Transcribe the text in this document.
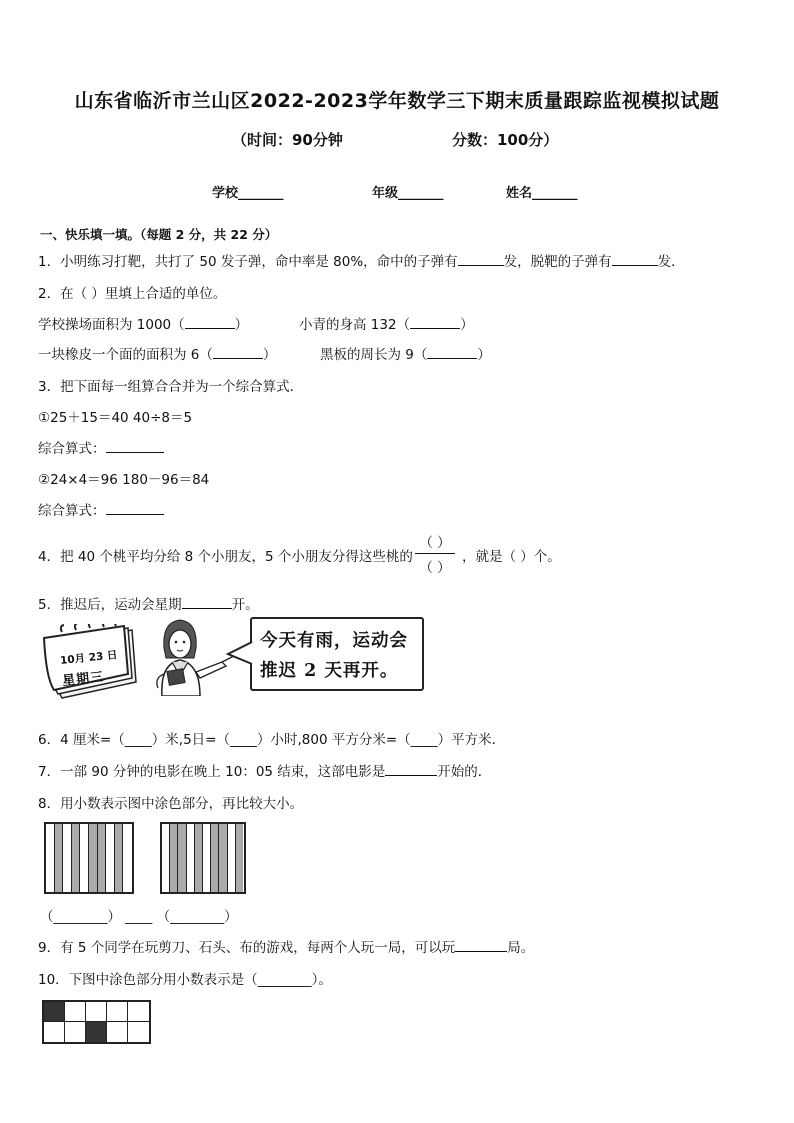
山东省临沂市兰山区2022-2023学年数学三下期末质量跟踪监视模拟试题
（时间：90分钟	分数：100分）
学校_______	年级_______	姓名_______
一、快乐填一填。（每题 2 分，共 22 分）
1．小明练习打靶，共打了 50 发子弹，命中率是 80%，命中的子弹有	发，脱靶的子弹有	发．
2．在（ ）里填上合适的单位。
学校操场面积为 1000（	）	小青的身高 132（	）
一块橡皮一个面的面积为 6（	）	黑板的周长为 9（	）
3．把下面每一组算合合并为一个综合算式．
①25＋15＝40 40÷8＝5
综合算式：
②24×4＝96 180－96＝84
综合算式：
4．把 40 个桃平均分给 8 个小朋友，5 个小朋友分得这些桃的
（ ）
（ ）
，就是（ ）个。
5．推迟后，运动会星期	开。
10月 23 日
星期三
今天有雨，运动会
推迟 2 天再开。
6．4 厘米=（____）米,5日=（____）小时,800 平方分米=（____）平方米．
7．一部 90 分钟的电影在晚上 10：05 结束，这部电影是	开始的．
8．用小数表示图中涂色部分，再比较大小。
（________） ____ （________）
9．有 5 个同学在玩剪刀、石头、布的游戏，每两个人玩一局，可以玩	局。
10．下图中涂色部分用小数表示是（________）。
